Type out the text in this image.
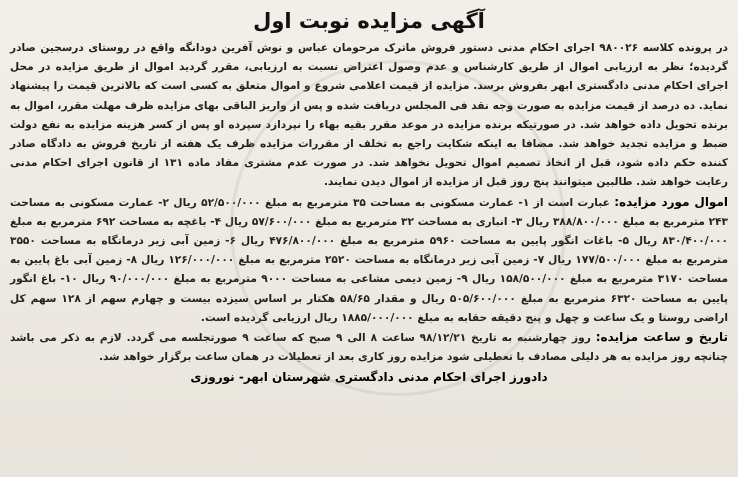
آگهی مزایده نوبت اول

در پرونده کلاسه ۹۸۰۰۲۶ اجرای احکام مدنی دستور فروش ماترک مرحومان عباس و نوش آفرین دودانگه واقع در روستای درسجین صادر گردیده؛ نظر به ارزیابی اموال از طریق کارشناس و عدم وصول اعتراض نسبت به ارزیابی، مقرر گردید اموال از طریق مزایده در محل اجرای احکام مدنی دادگستری ابهر بفروش برسد. مزایده از قیمت اعلامی شروع و اموال متعلق به کسی است که بالاترین قیمت را پیشنهاد نماید. ده درصد از قیمت مزایده به صورت وجه نقد فی المجلس دریافت شده و پس از واریز الباقی بهای مزایده ظرف مهلت مقرر، اموال به برنده تحویل داده خواهد شد. در صورتیکه برنده مزایده در موعد مقرر بقیه بهاء را نپردازد سپرده او پس از کسر هزینه مزایده به نفع دولت ضبط و مزایده تجدید خواهد شد. مضافا به اینکه شکایت راجع به تخلف از مقررات مزایده ظرف یک هفته از تاریخ فروش به دادگاه صادر کننده حکم داده شود، قبل از اتخاذ تصمیم اموال تحویل نخواهد شد. در صورت عدم مشتری مفاد ماده ۱۳۱ از قانون اجرای احکام مدنی رعایت خواهد شد. طالبین میتوانند پنج روز قبل از مزایده از اموال دیدن نمایند.

اموال مورد مزایده: عبارت است از ۱- عمارت مسکونی به مساحت ۳۵ مترمربع به مبلغ ۵۲/۵۰۰/۰۰۰ ریال ۲- عمارت مسکونی به مساحت ۲۴۳ مترمربع به مبلغ ۳۸۸/۸۰۰/۰۰۰ ریال ۳- انباری به مساحت ۳۲ مترمربع به مبلغ ۵۷/۶۰۰/۰۰۰ ریال ۴- باغچه به مساحت ۶۹۲ مترمربع به مبلغ ۸۳۰/۴۰۰/۰۰۰ ریال ۵- باغات انگور پایین به مساحت ۵۹۶۰ مترمربع به مبلغ ۴۷۶/۸۰۰/۰۰۰ ریال ۶- زمین آبی زیر درمانگاه به مساحت ۳۵۵۰ مترمربع به مبلغ ۱۷۷/۵۰۰/۰۰۰ ریال ۷- زمین آبی زیر درمانگاه به مساحت ۲۵۲۰ مترمربع به مبلغ ۱۲۶/۰۰۰/۰۰۰ ریال ۸- زمین آبی باغ پایین به مساحت ۳۱۷۰ مترمربع به مبلغ ۱۵۸/۵۰۰/۰۰۰ ریال ۹- زمین دیمی مشاعی به مساحت ۹۰۰۰ مترمربع به مبلغ ۹۰/۰۰۰/۰۰۰ ریال ۱۰- باغ انگور پایین به مساحت ۶۳۲۰ مترمربع به مبلغ ۵۰۵/۶۰۰/۰۰۰ ریال و مقدار ۵۸/۶۵ هکتار بر اساس سیزده بیست و چهارم سهم از ۱۲۸ سهم کل اراضی روستا و یک ساعت و چهل و پنج دقیقه حقابه به مبلغ ۱۸۸۵/۰۰۰/۰۰۰ ریال ارزیابی گردیده است.

تاریخ و ساعت مزایده: روز چهارشنبه به تاریخ ۹۸/۱۲/۲۱ ساعت ۸ الی ۹ صبح که ساعت ۹ صورتجلسه می گردد. لازم به ذکر می باشد چنانچه روز مزایده به هر دلیلی مصادف با تعطیلی شود مزایده روز کاری بعد از تعطیلات در همان ساعت برگزار خواهد شد.

دادورز اجرای احکام مدنی دادگستری شهرستان ابهر- نوروزی
